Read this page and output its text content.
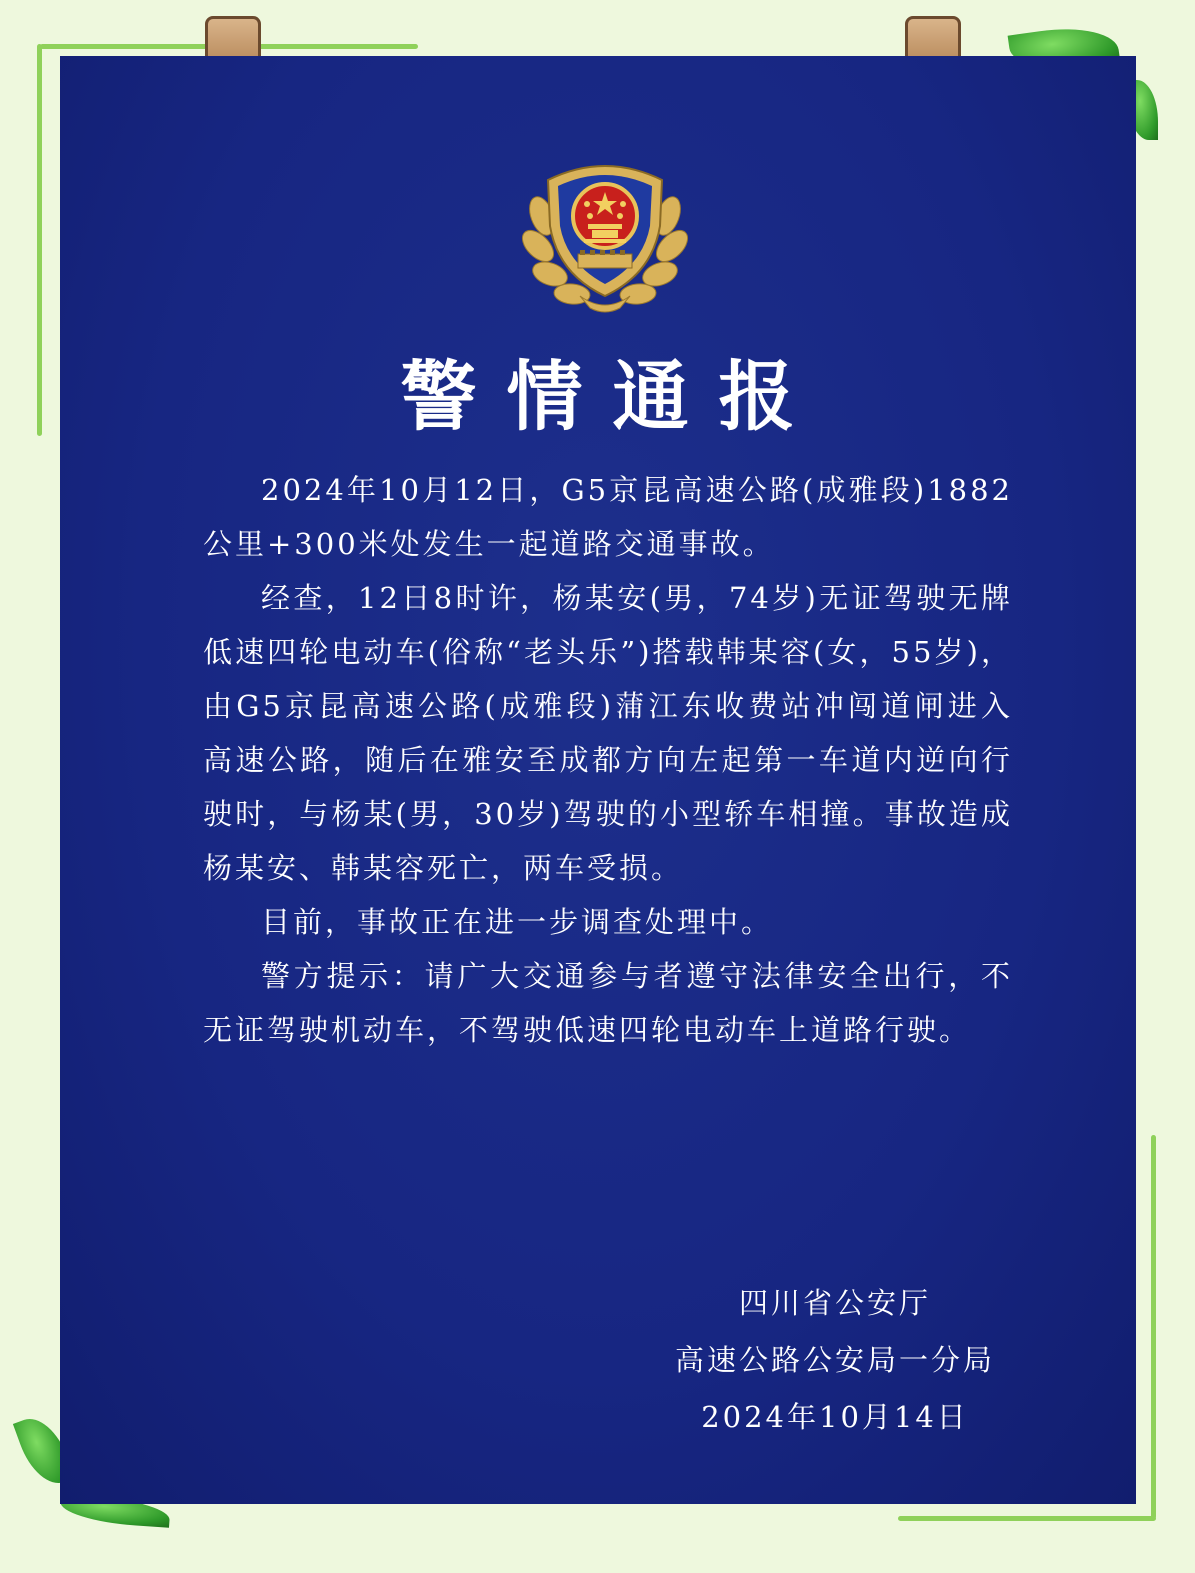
警情通报

2024年10月12日，G5京昆高速公路(成雅段)1882公里+300米处发生一起道路交通事故。

经查，12日8时许，杨某安(男，74岁)无证驾驶无牌低速四轮电动车(俗称“老头乐”)搭载韩某容(女，55岁)，由G5京昆高速公路(成雅段)蒲江东收费站冲闯道闸进入高速公路，随后在雅安至成都方向左起第一车道内逆向行驶时，与杨某(男，30岁)驾驶的小型轿车相撞。事故造成杨某安、韩某容死亡，两车受损。

目前，事故正在进一步调查处理中。

警方提示：请广大交通参与者遵守法律安全出行，不无证驾驶机动车，不驾驶低速四轮电动车上道路行驶。

四川省公安厅
高速公路公安局一分局
2024年10月14日
